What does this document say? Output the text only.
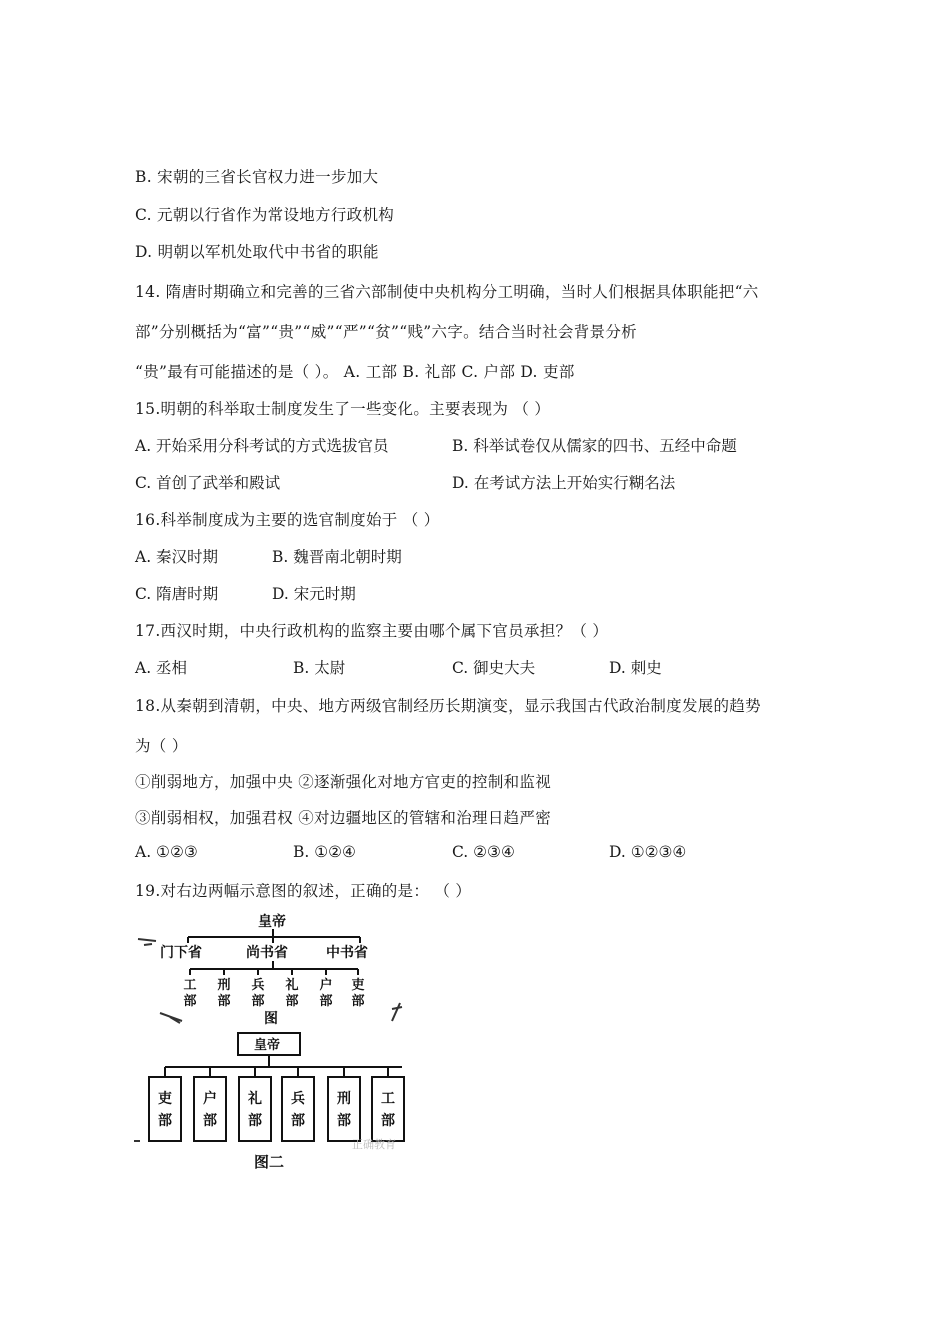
B. 宋朝的三省长官权力进一步加大
C. 元朝以行省作为常设地方行政机构
D. 明朝以军机处取代中书省的职能
14. 隋唐时期确立和完善的三省六部制使中央机构分工明确，当时人们根据具体职能把“六
部”分别概括为“富”“贵”“威”“严”“贫”“贱”六字。结合当时社会背景分析
“贵”最有可能描述的是（ ）。 A. 工部 B. 礼部 C. 户部 D. 吏部
15.明朝的科举取士制度发生了一些变化。主要表现为 （ ）
A. 开始采用分科考试的方式选拔官员	B. 科举试卷仅从儒家的四书、五经中命题
C. 首创了武举和殿试	D. 在考试方法上开始实行糊名法
16.科举制度成为主要的选官制度始于 （ ）
A. 秦汉时期	B. 魏晋南北朝时期
C. 隋唐时期	D. 宋元时期
17.西汉时期，中央行政机构的监察主要由哪个属下官员承担？（ ）
A. 丞相	B. 太尉	C. 御史大夫	D. 刺史
18.从秦朝到清朝，中央、地方两级官制经历长期演变，显示我国古代政治制度发展的趋势
为（ ）
①削弱地方，加强中央 ②逐渐强化对地方官吏的控制和监视
③削弱相权，加强君权 ④对边疆地区的管辖和治理日趋严密
A. ①②③	B. ①②④	C. ②③④	D. ①②③④
19.对右边两幅示意图的叙述，正确的是： （ ）
皇帝
门下省	尚书省	中书省
工部
刑部
兵部
礼部
户部
吏部
图
皇帝
吏部
户部
礼部
兵部
刑部
工部
正确教育
图二
